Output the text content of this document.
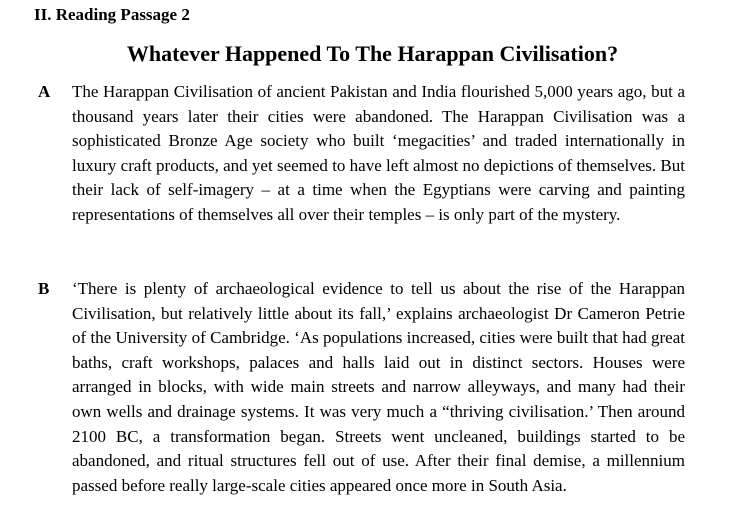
II. Reading Passage 2
Whatever Happened To The Harappan Civilisation?
A The Harappan Civilisation of ancient Pakistan and India flourished 5,000 years ago, but a thousand years later their cities were abandoned. The Harappan Civilisation was a sophisticated Bronze Age society who built ‘megacities’ and traded internationally in luxury craft products, and yet seemed to have left almost no depictions of themselves. But their lack of self-imagery – at a time when the Egyptians were carving and painting representations of themselves all over their temples – is only part of the mystery.
B ‘There is plenty of archaeological evidence to tell us about the rise of the Harappan Civilisation, but relatively little about its fall,’ explains archaeologist Dr Cameron Petrie of the University of Cambridge. ‘As populations increased, cities were built that had great baths, craft workshops, palaces and halls laid out in distinct sectors. Houses were arranged in blocks, with wide main streets and narrow alleyways, and many had their own wells and drainage systems. It was very much a “thriving civilisation.’ Then around 2100 BC, a transformation began. Streets went uncleaned, buildings started to be abandoned, and ritual structures fell out of use. After their final demise, a millennium passed before really large-scale cities appeared once more in South Asia.
